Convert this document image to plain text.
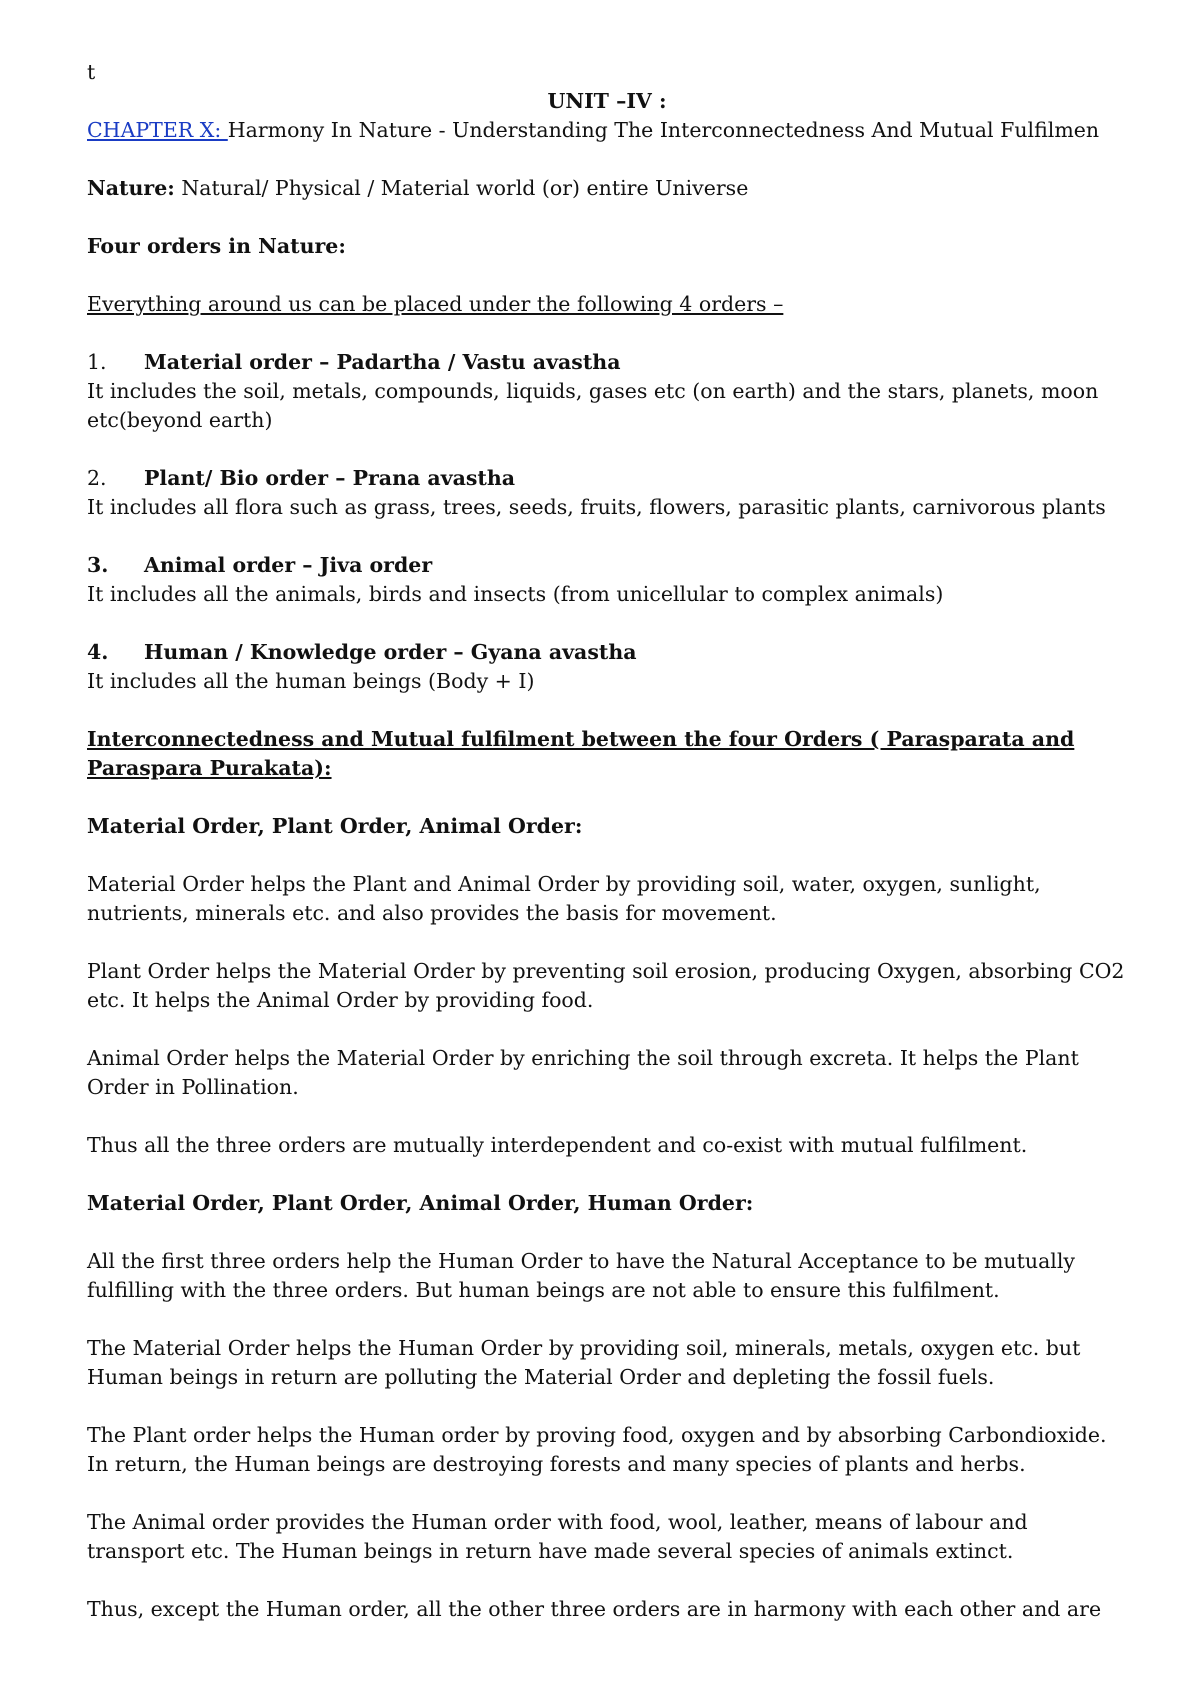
t
UNIT –IV :

CHAPTER X: Harmony In Nature - Understanding The Interconnectedness And Mutual Fulfilmen

Nature: Natural/ Physical / Material world (or) entire Universe

Four orders in Nature:

Everything around us can be placed under the following 4 orders –

1.	Material order – Padartha / Vastu avastha

It includes the soil, metals, compounds, liquids, gases etc (on earth) and the stars, planets, moon

etc(beyond earth)

2.	Plant/ Bio order – Prana avastha

It includes all flora such as grass, trees, seeds, fruits, flowers, parasitic plants, carnivorous plants

3.	Animal order – Jiva order

It includes all the animals, birds and insects (from unicellular to complex animals)

4.	Human / Knowledge order – Gyana avastha

It includes all the human beings (Body + I)

Interconnectedness and Mutual fulfilment between the four Orders ( Parasparata and

Paraspara Purakata):

Material Order, Plant Order, Animal Order:

Material Order helps the Plant and Animal Order by providing soil, water, oxygen, sunlight,

nutrients, minerals etc. and also provides the basis for movement.

Plant Order helps the Material Order by preventing soil erosion, producing Oxygen, absorbing CO2

etc. It helps the Animal Order by providing food.

Animal Order helps the Material Order by enriching the soil through excreta. It helps the Plant

Order in Pollination.

Thus all the three orders are mutually interdependent and co-exist with mutual fulfilment.

Material Order, Plant Order, Animal Order, Human Order:

All the first three orders help the Human Order to have the Natural Acceptance to be mutually

fulfilling with the three orders. But human beings are not able to ensure this fulfilment.

The Material Order helps the Human Order by providing soil, minerals, metals, oxygen etc. but

Human beings in return are polluting the Material Order and depleting the fossil fuels.

The Plant order helps the Human order by proving food, oxygen and by absorbing Carbondioxide.

In return, the Human beings are destroying forests and many species of plants and herbs.

The Animal order provides the Human order with food, wool, leather, means of labour and

transport etc. The Human beings in return have made several species of animals extinct.

Thus, except the Human order, all the other three orders are in harmony with each other and are
